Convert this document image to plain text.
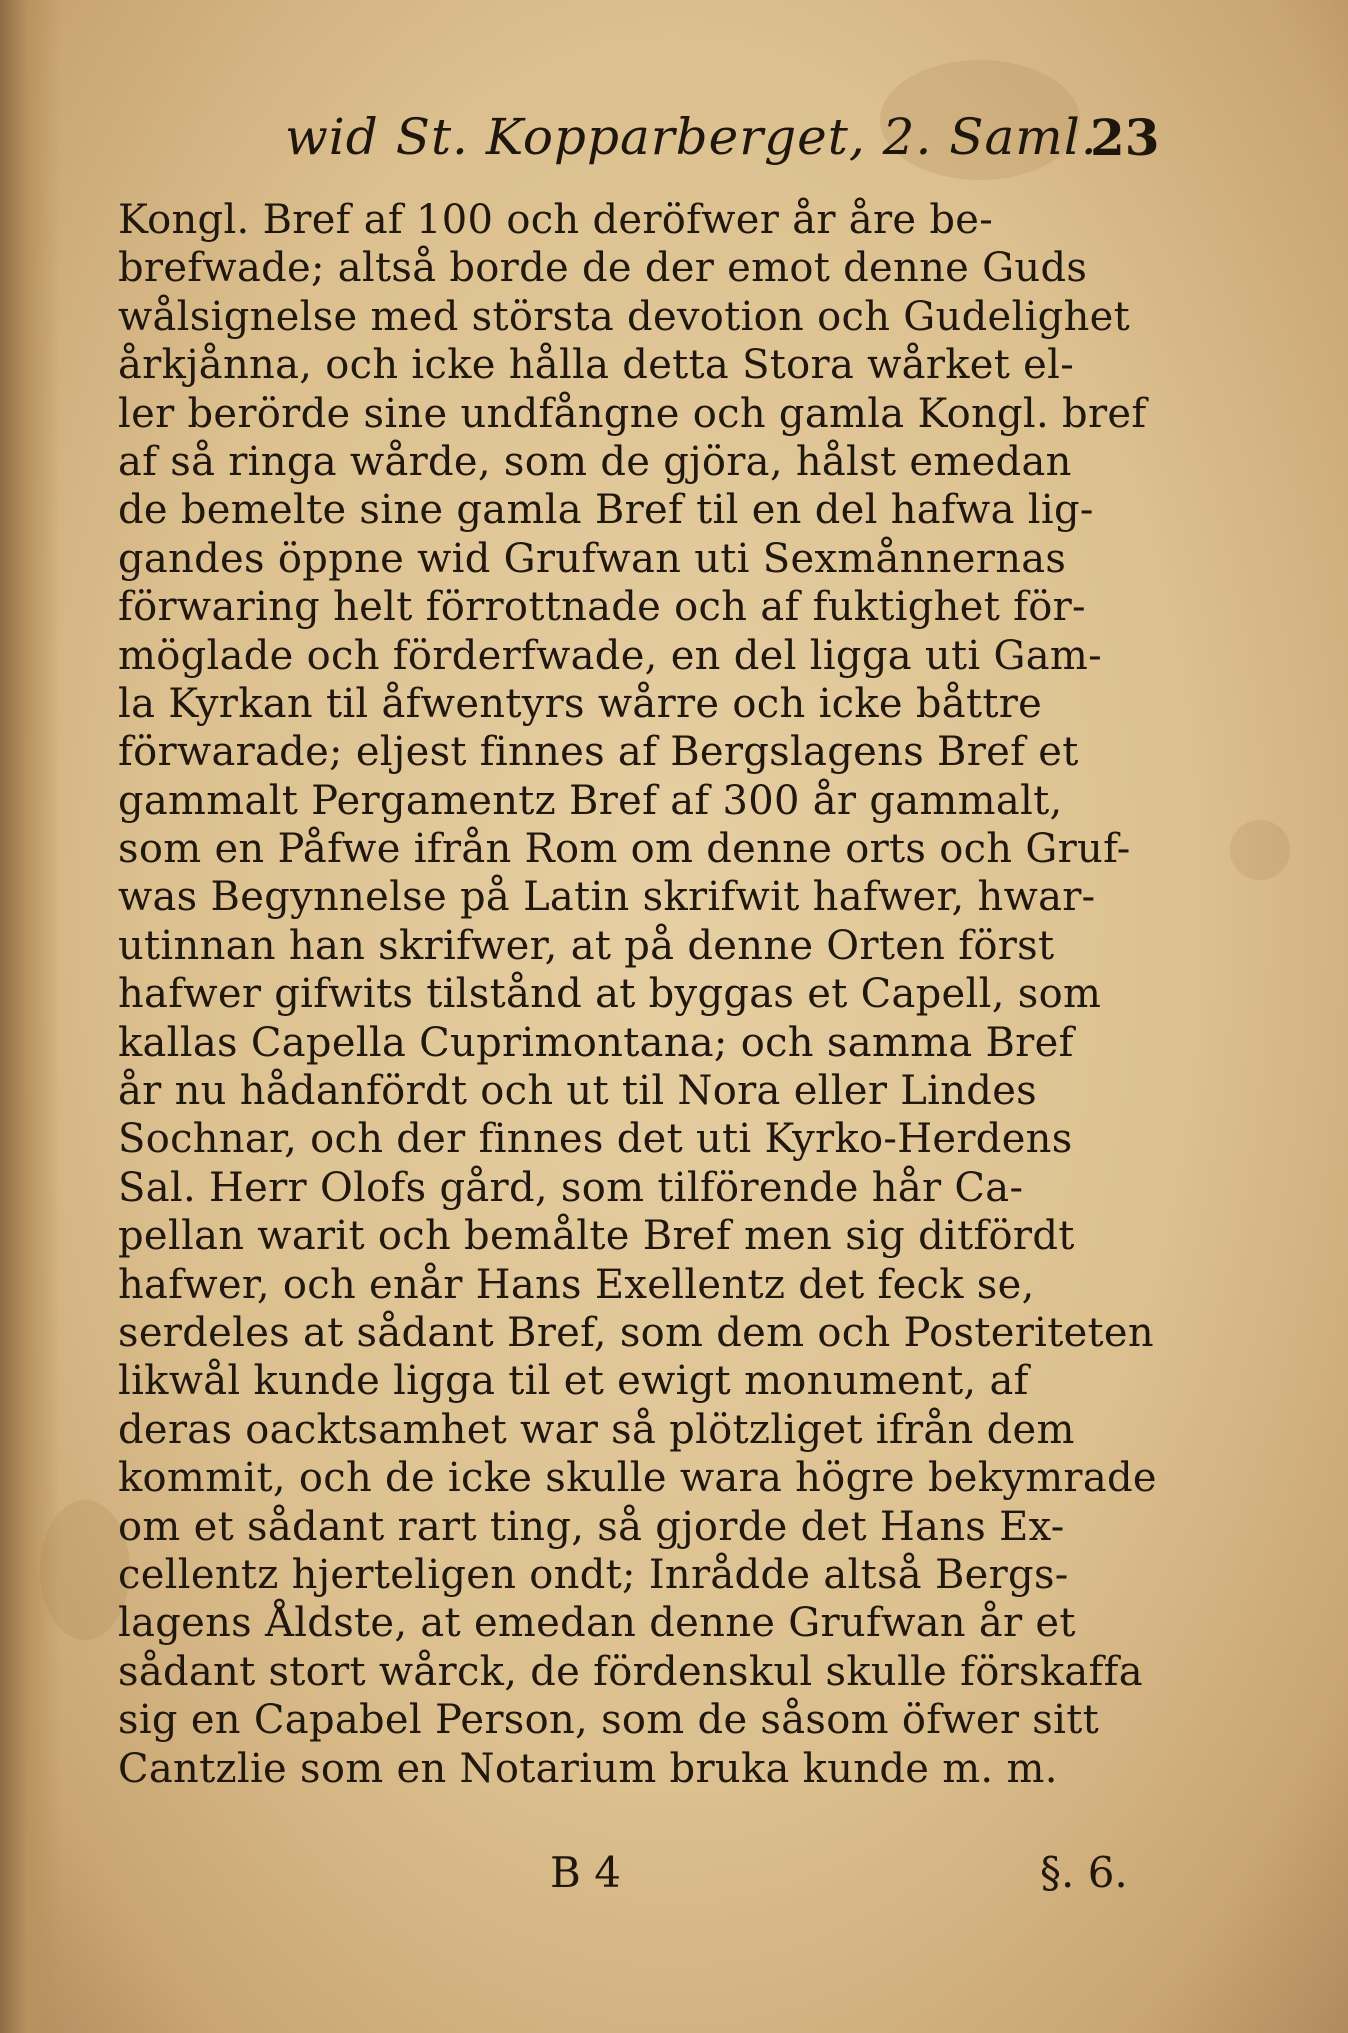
wid St. Kopparberget, 2. Saml.
23
Kongl. Bref af 100 och deröfwer år åre be-
brefwade; altså borde de der emot denne Guds
wålsignelse med största devotion och Gudelighet
årkjånna, och icke hålla detta Stora wårket el-
ler berörde sine undfångne och gamla Kongl. bref
af så ringa wårde, som de gjöra, hålst emedan
de bemelte sine gamla Bref til en del hafwa lig-
gandes öppne wid Grufwan uti Sexmånnernas
förwaring helt förrottnade och af fuktighet för-
möglade och förderfwade, en del ligga uti Gam-
la Kyrkan til åfwentyrs wårre och icke båttre
förwarade; eljest finnes af Bergslagens Bref et
gammalt Pergamentz Bref af 300 år gammalt,
som en Påfwe ifrån Rom om denne orts och Gruf-
was Begynnelse på Latin skrifwit hafwer, hwar-
utinnan han skrifwer, at på denne Orten först
hafwer gifwits tilstånd at byggas et Capell, som
kallas Capella Cuprimontana; och samma Bref
år nu hådanfördt och ut til Nora eller Lindes
Sochnar, och der finnes det uti Kyrko-Herdens
Sal. Herr Olofs gård, som tilförende hår Ca-
pellan warit och bemålte Bref men sig ditfördt
hafwer, och enår Hans Exellentz det feck se,
serdeles at sådant Bref, som dem och Posteriteten
likwål kunde ligga til et ewigt monument, af
deras oacktsamhet war så plötzliget ifrån dem
kommit, och de icke skulle wara högre bekymrade
om et sådant rart ting, så gjorde det Hans Ex-
cellentz hjerteligen ondt; Inrådde altså Bergs-
lagens Åldste, at emedan denne Grufwan år et
sådant stort wårck, de fördenskul skulle förskaffa
sig en Capabel Person, som de såsom öfwer sitt
Cantzlie som en Notarium bruka kunde m. m.
B 4	§. 6.
